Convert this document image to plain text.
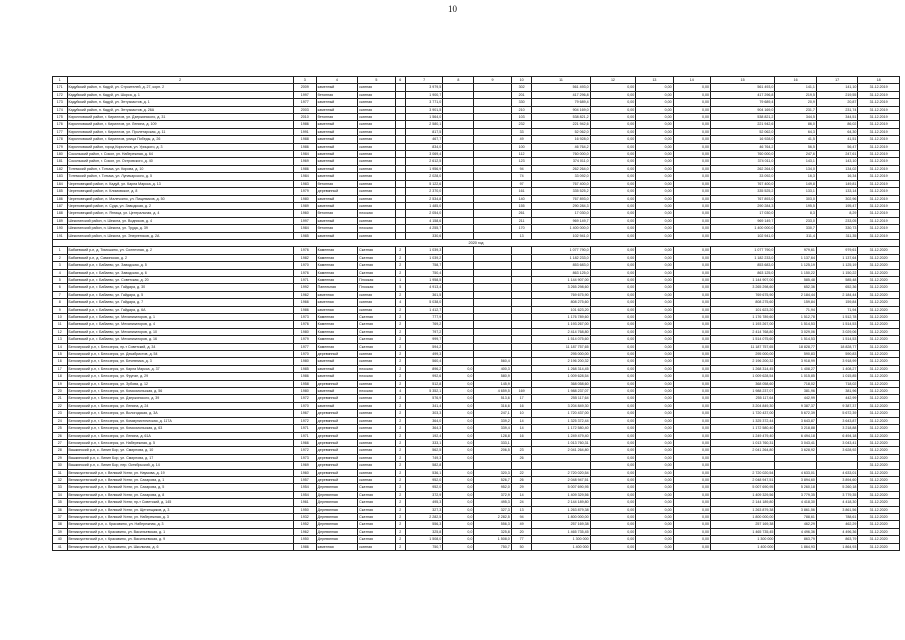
10
1	2	3	4	5	6	7	8	9	10	11	12	13	14	15	16	17	18
171	Кадуйский район, п. Кадуй, ул. Строителей, д. 27, корп. 2	2009	каменный	скатная		3 979,5			302	561 493,0	0,00	0,00	0,00	561 493,0	141,1	141,10	31.12.2019
172	Кадуйский район, п. Кадуй, ул. Шорса, д. 1	1997	бетонная	скатная		1 900,7			201	417 296,8	0,00	0,00	0,00	417 296,8	219,5	219,55	31.12.2019
173	Кадуйский район, п. Кадуй, ул. Энтузиастов, д. 1	1977	каменный	скатная		3 771,0			330	79 689,4	0,00	0,00	0,00	79 689,4	20,9	20,87	31.12.2019
174	Кадуйский район, п. Кадуй, ул. Энтузиастов, д. 26А	2003	каменный	скатная		3 901,5			210	904 169,0	0,00	0,00	0,00	904 169,0	231,7	231,74	31.12.2019
175	Кирилловский район, г. Кириллов, ул. Дзержинского, д. 31	2010	бетонная	скатная		1 564,0			103	538 821,2	0,00	0,00	0,00	538 821,2	344,5	344,51	31.12.2019
176	Кирилловский район, г. Кириллов, ул. Ленина, д. 109	1986	каменный	скатная		2 580,1			232	221 942,6	0,00	0,00	0,00	221 942,6	86,0	86,02	31.12.2019
177	Кирилловский район, г. Кириллов, ул. Пролетарская, д. 11	1991	каменный	скатная		817,5			33	52 062,0	0,00	0,00	0,00	52 062,0	64,3	64,30	31.12.2019
178	Кирилловский район, г. Кириллов, улица Победы, д. 26	1988	каменный	скатная		467,7			49	16 928,0	0,00	0,00	0,00	16 928,0	41,5	41,51	31.12.2019
179	Кирилловский район, город Кириллов, ул. Урицкого, д. 3	1986	каменный	скатная		834,0			100	46 764,2	0,00	0,00	0,00	46 764,2	56,5	56,47	31.12.2019
180	Сокольский район, г. Сокол, ул. Набережная, д. 64	1984	каменный	скатная		3 069,4			112	760 000,0	0,00	0,00	0,00	760 000,0	247,6	247,61	31.12.2019
181	Сокольский район, г. Сокол, ул. Островского, д. 40	1969	каменный	скатная		2 612,5			123	374 011,0	0,00	0,00	0,00	374 011,0	143,1	143,10	31.12.2019
182	Тотемский район, г. Тотьма, ул. Кирова, д. 10	1986	каменный	скатная		1 956,9			94	262 264,0	0,00	0,00	0,00	262 264,0	134,0	134,02	31.12.2019
183	Тотемский район, г. Тотьма, ул. Луначарского, д. 5	1984	каменный	скатная		2 028,0			74	33 092,0	0,00	0,00	0,00	33 092,0	16,3	16,34	31.12.2019
184	Череповецкий район, п. Кадуй, ул. Карла Маркса, д. 13	1983	бетонная	скатная		5 122,6			97	767 400,0	0,00	0,00	0,00	767 400,0	149,8	149,81	31.12.2019
185	Череповецкий район, п. Климовское, д. 8	1979	деревянный	скатная		2 370,0			161	335 525,2	0,00	0,00	0,00	335 525,2	133,1	133,14	31.12.2019
186	Череповецкий район, п. Малечкино, ул. Пищевиков, д. 50	1980	каменный	скатная		2 534,8			140	767 893,0	0,00	0,00	0,00	767 893,0	303,0	302,96	31.12.2019
187	Череповецкий район, п. Суда, ул. Заводская, д. 2	1989	каменный	скатная		1 485,0			155	290 284,3	0,00	0,00	0,00	290 284,3	195,5	195,47	31.12.2019
188	Череповецкий район, п. Ягница, ул. Центральная, д. 4	1960	бетонная	плоская		2 054,0			261	17 030,0	0,00	0,00	0,00	17 030,0	8,3	8,29	31.12.2019
189	Шекснинский район, п. Шексна, ул. Водников, д. 4	1997	каменный	скатная		4 158,6			211	969 149,7	0,00	0,00	0,00	969 149,7	233,0	233,05	31.12.2019
190	Шекснинский район, п. Шексна, ул. Труда, д. 39	1984	бетонная	плоская		4 255,7			170	1 400 000,0	0,00	0,00	0,00	1 400 000,0	330,7	330,73	31.12.2019
191	Шекснинский район, п. Шексна, ул. Энергетиков, д. 2А	1985	каменный	скатная		330,6			13	102 941,0	0,00	0,00	0,00	102 941,0	311,4	311,35	31.12.2019
2020 год																	
1	Бабаевский р-н, д. Тимошино, ул. Солнечная, д. 2	1976	Каменная	Скатная	2	1 039,3				1 077 790,0	0,00	0,00	0,00	1 077 790,0	979,61	979,61	31.12.2020
2	Бабаевский р-н, д. Саминская, д. 2	1982	Каменная	Скатная	2	1 039,2				1 182 233,0	0,00	0,00	0,00	1 182 233,0	1 137,64	1 137,64	31.12.2020
3	Бабаевский р-н, г. Бабаево, ул. Заводская, д. 5	1970	Каменная	Скатная	2	758,7				853 683,0	0,00	0,00	0,00	853 683,0	1 125,19	1 125,19	31.12.2020
4	Бабаевский р-н, г. Бабаево, ул. Заводская, д. 6	1976	Каменная	Скатная	2	750,4				863 125,0	0,00	0,00	0,00	863 125,0	1 150,22	1 150,22	31.12.2020
5	Бабаевский р-н, г. Бабаево, ул. Советская, д. 20	1971	Каменная	Плоская	1	1 958,5				1 144 907,00	0,00	0,00	0,00	1 144 907,00	585,48	585,48	31.12.2020
6	Бабаевский р-н, г. Бабаево, ул. Гайдара, д. 30	1992	Панельная	Плоская	5	4 913,4				3 265 298,60	0,00	0,00	0,00	3 265 298,60	652,36	652,36	31.12.2020
7	Бабаевский р-н, г. Бабаево, ул. Гайдара, д. 5	1962	каменная	скатная	2	361,5				769 675,90	0,00	0,00	0,00	769 675,90	2 184,44	2 184,44	31.12.2020
8	Бабаевский р-н, г. Бабаево, ул. Гайдара, д. 7	1966	каменная	скатная	4	5 038,0				808 275,60	0,00	0,00	0,00	808 275,60	159,84	159,84	31.12.2020
9	Бабаевский р-н, г. Бабаево, ул. Гайдара, д. 6А	1986	каменная	скатная	2	1 412,7				101 623,20	0,00	0,00	0,00	101 623,20	71,94	71,94	31.12.2020
10	Бабаевский р-н, г. Бабаево, ул. Механизаторов, д. 1	1973	Каменная	Скатная	2	777,9				1 176 789,60	0,00	0,00	0,00	1 176 789,60	1 512,78	1 512,78	31.12.2020
11	Бабаевский р-н, г. Бабаево, ул. Механизаторов, д. 4	1976	Каменная	Скатная	2	769,2				1 193 267,00	0,00	0,00	0,00	1 193 267,00	1 514,53	1 514,53	31.12.2020
12	Бабаевский р-н, г. Бабаево, ул. Механизаторов, д. 10	1980	Каменная	Скатная	2	797,2				2 414 768,80	0,00	0,00	0,00	2 414 768,80	3 029,06	3 029,06	31.12.2020
13	Бабаевский р-н, г. Бабаево, ул. Механизаторов, д. 16	1979	Каменная	Скатная	2	999,7				1 514 075,60	0,00	0,00	0,00	1 514 075,60	1 514,53	1 514,53	31.12.2020
14	Белозерский р-н, г. Белозерск, пр-т Советский, д. 34	1977	Каменная	Скатная	2	594,2				11 187 757,65	0,00	0,00	0,00	11 187 757,65	18 828,77	18 828,77	31.12.2020
15	Белозерский р-н, г. Белозерск, ул. Декабристов, д. 54	1970	деревянный	скатная	2	499,3				295 000,00	0,00	0,00	0,00	295 000,00	590,83	590,83	31.12.2020
16	Белозерский р-н, г. Белозерск, ул. Бечевника, д. 3	1980	каменный	скатная	2	560,4		560,4		2 196 200,32	0,00	0,00	0,00	2 196 200,32	3 918,99	3 918,99	31.12.2020
17	Белозерский р-н, г. Белозерск, ул. Карла Маркса, д. 37	1985	каменный	плоская	2	896,2	0,0	400,3		1 268 314,45	0,00	0,00	0,00	1 268 314,45	1 408,27	1 408,27	31.12.2020
18	Белозерский р-н, г. Белозерск, ул. Фрунзе, д. 29	1986	каменный	плоская	2	992,6	0,0	580,9		1 009 628,54	0,00	0,00	0,00	1 009 628,54	1 015,85	1 015,85	31.12.2020
19	Белозерский р-н, г. Белозерск, ул. Зубова, д. 12	1958	деревянный	скатная	2	512,8	0,0	145,9		368 058,60	0,00	0,00	0,00	368 058,60	718,02	718,02	31.12.2020
20	Белозерский р-н, г. Белозерск, ул. Комсомольская, д. 56	1980	каменный	плоская	4	5 352,1	0,0	4 659,5	169	1 988 237,07	0,00	0,00	0,00	1 988 237,07	381,96	381,96	31.12.2020
21	Белозерский р-н, г. Белозерск, ул. Дзержинского, д. 39	1972	деревянный	скатная	2	576,9	0,0	513,6	17	255 117,64	0,00	0,00	0,00	255 117,64	442,99	442,99	31.12.2020
22	Белозерский р-н, г. Белозерск, ул. Ленина, д. 24	1970	каменный	скатная	2	341,4	0,0	316,6	16	3 204 849,30	0,00	0,00	0,00	3 204 849,30	9 387,37	9 387,37	31.12.2020
23	Белозерский р-н, г. Белозерск, ул. Вологодская, д. 3А	1967	деревянный	скатная	2	303,3	0,0	247,1	10	1 720 437,00	0,00	0,00	0,00	1 720 437,00	5 672,39	5 672,39	31.12.2020
24	Белозерский р-н, г. Белозерск, ул. Коммунистическая, д. 117А	1972	деревянный	скатная	2	364,0	0,0	339,2	14	1 325 372,44	0,00	0,00	0,00	1 325 372,44	3 643,87	3 643,87	31.12.2020
25	Белозерский р-н, г. Белозерск, ул. Комсомольская, д. 63	1971	деревянный	скатная	2	364,3	0,0	339,4	14	1 172 580,40	0,00	0,00	0,00	1 172 580,40	3 218,88	3 218,88	31.12.2020
26	Белозерский р-н, г. Белозерск, ул. Ленина, д. 61А	1971	деревянный	скатная	2	192,4	0,0	128,8	16	1 249 479,40	0,00	0,00	0,00	1 249 479,40	6 494,18	6 494,18	31.12.2020
27	Белозерский р-н, г. Белозерск, ул. Набережная, д. 5	1966	деревянный	скатная	2	333,1	0,0	333,1		1 013 760,31	0,00	0,00	0,00	1 013 760,31	3 043,41	3 043,41	31.12.2020
28	Вашкинский р-н, с. Липин Бор, ул. Смирнова, д. 10	1972	деревянный	скатная	2	562,5	0,0	206,5	23	2 041 264,80	0,00	0,00	0,00	2 041 264,80	3 628,92	3 628,92	31.12.2020
29	Вашкинский р-н, с. Липин Бор, ул. Смирнова, д. 17	1973	деревянный	скатная	2	749,3	0,0		26		0,00	0,00	0,00				31.12.2020
30	Вашкинский р-н, с. Липин Бор, пер. Октябрьский, д. 14	1969	деревянный	скатная	2	582,8					0,00	0,00	0,00				31.12.2020
31	Великоустюгский р-н, г. Великий Устюг, ул. Наумова, д. 19	1960	деревянный	скатная	2	536,1	0,0	320,3	22	2 720 020,54	0,00	0,00	0,00	2 720 020,54	4 633,01	4 633,01	31.12.2020
32	Великоустюгский р-н, г. Великий Устюг, ул. Сахарова, д. 1	1957	деревянный	скатная	2	952,0	0,0	526,7	26	2 048 947,51	0,00	0,00	0,00	2 048 947,51	3 894,60	3 894,60	31.12.2020
33	Великоустюгский р-н, г. Великий Устюг, ул. Сахарова, д. 5	1954	Деревянная	Скатная	2	952,0	0,0	952,0	29	5 007 690,95	0,00	0,00	0,00	5 007 690,95	5 260,18	5 260,18	31.12.2020
34	Великоустюгский р-н, г. Великий Устюг, ул. Сахарова, д. 8	1954	Деревянная	Скатная	2	372,9	0,0	372,9	14	1 409 329,56	0,00	0,00	0,00	1 409 329,56	3 779,35	3 779,35	31.12.2020
35	Великоустюгский р-н, г. Великий Устюг, пр-т Советский, д. 145	1961	Деревянная	Скатная	2	495,3	0,0	495,3	24	2 144 189,80	0,00	0,00	0,00	2 144 189,80	4 418,30	4 418,30	31.12.2020
36	Великоустюгский р-н, г. Великий Устюг, ул. Щетинщиков, д. 3	1950	Деревянная	Скатная	2	327,3	0,0	327,3	13	1 263 879,38	0,00	0,00	0,00	1 263 879,38	3 861,56	3 861,56	31.12.2020
37	Великоустюгский р-н, г. Великий Устюг, ул. Набережная, д. 3	1932	Деревянная	Скатная	2	2 282,5	0,0	2 282,5	94	1 800 000,00	0,00	0,00	0,00	1 800 000,00	788,61	788,61	31.12.2020
38	Великоустюгский р-н, с. Красавино, ул. Набережная, д. 3	1952	Деревянная	Скатная	2	556,3	0,0	556,3	49	257 169,38	0,00	0,00	0,00	257 169,38	462,29	462,29	31.12.2020
39	Великоустюгский р-н, г. Красавино, ул. Васильевская, д. 1	1962	Деревянная	Скатная	2	325,8	0,0	325,8	20	1 465 735,45	0,00	0,00	0,00	1 465 735,45	4 496,36	4 496,36	31.12.2020
40	Великоустюгский р-н, г. Красавино, ул. Васильевская, д. 9	1950	Деревянная	Скатная	2	1 508,0	0,0	1 508,0	77	1 300 000	0,00	0,00	0,00	1 300 000	863,79	863,79	31.12.2020
41	Великоустюгский р-н, г. Красавино, ул. Школьная, д. 6	1986	каменная	скатная	2	750,7	0,0	750,7	50	1 400 000	0,00	0,00	0,00	1 400 000	1 864,93	1 864,93	31.12.2020
